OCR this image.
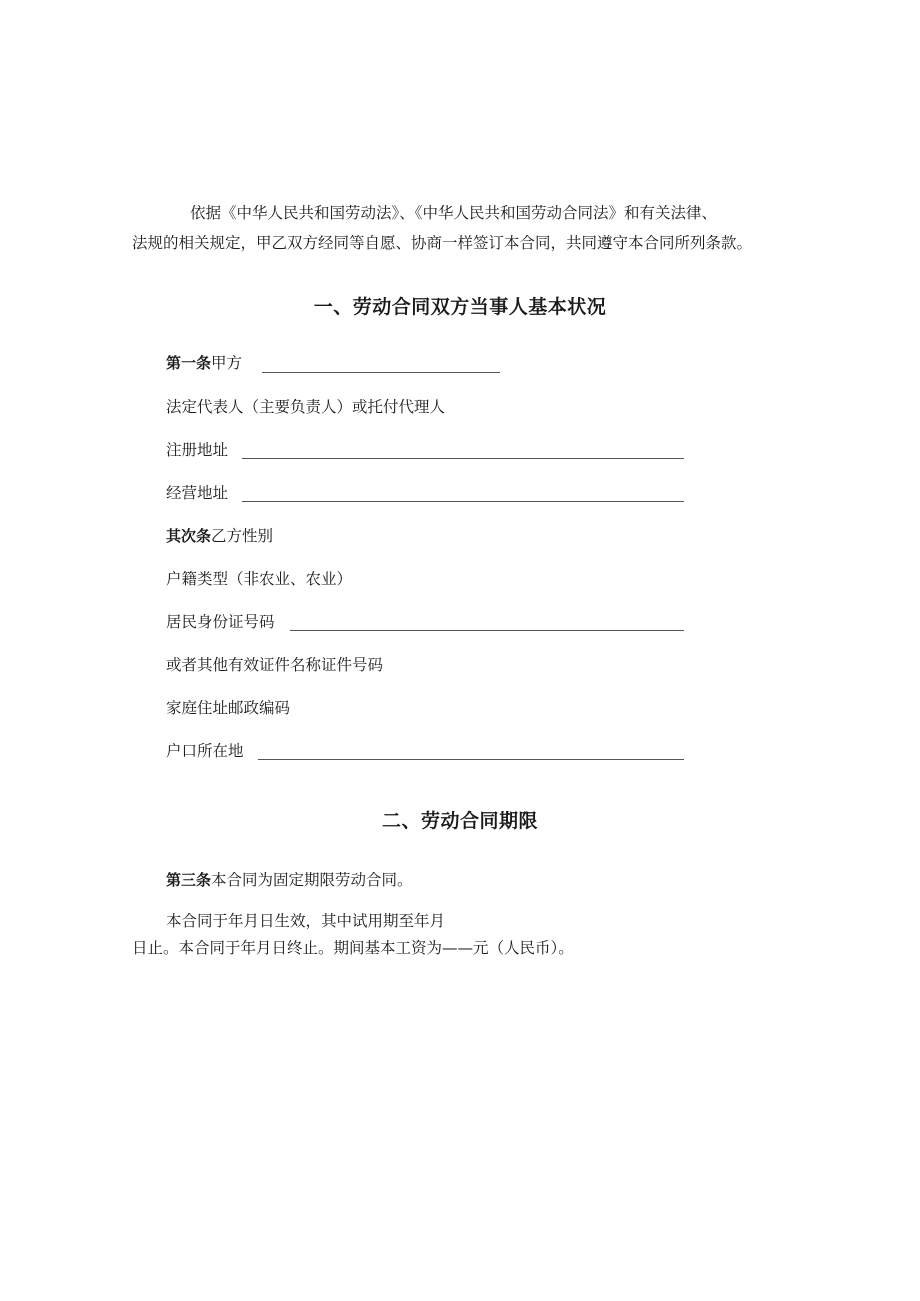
依据《中华人民共和国劳动法》、《中华人民共和国劳动合同法》和有关法律、
法规的相关规定，甲乙双方经同等自愿、协商一样签订本合同，共同遵守本合同所列条款。
一、劳动合同双方当事人基本状况
第一条甲方
法定代表人（主要负责人）或托付代理人
注册地址
经营地址
其次条乙方性别
户籍类型（非农业、农业）
居民身份证号码
或者其他有效证件名称证件号码
家庭住址邮政编码
户口所在地
二、劳动合同期限
第三条本合同为固定期限劳动合同。
本合同于年月日生效，其中试用期至年月
日止。本合同于年月日终止。期间基本工资为——元（人民币）。
